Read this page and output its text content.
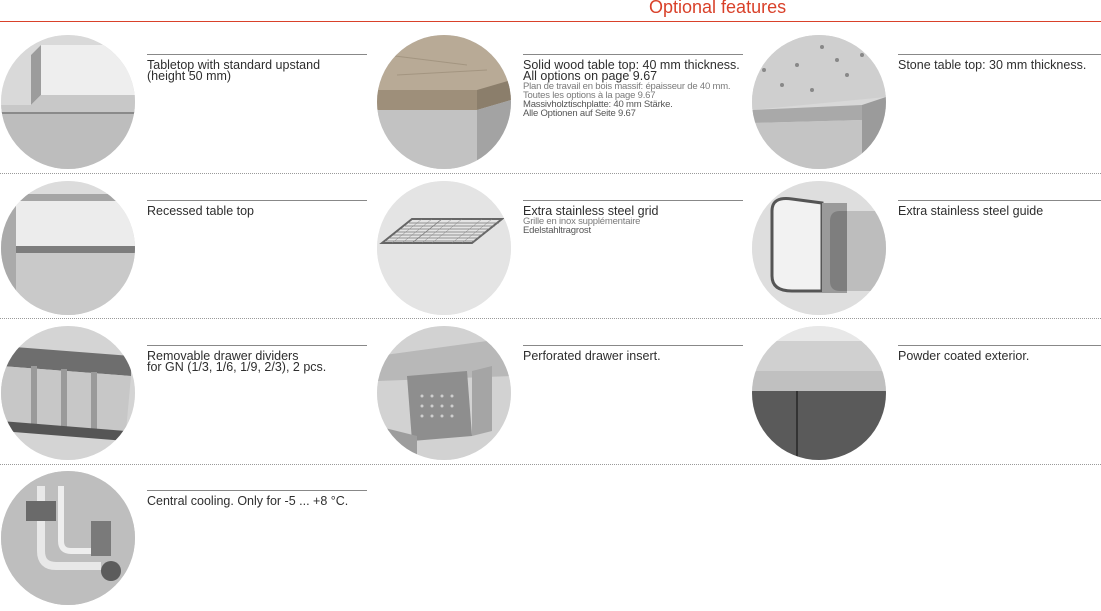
Optional features
Tabletop with standard upstand
(height 50 mm)
Solid wood table top: 40 mm thickness.
All options on page 9.67
Plan de travail en bois massif: épaisseur de 40 mm.
Toutes les options à la page 9.67
Massivholztischplatte: 40 mm Stärke.
Alle Optionen auf Seite 9.67
Stone table top: 30 mm thickness.
Recessed table top	Extra stainless steel grid
Grille en inox supplémentaire
Edelstahltragrost
Extra stainless steel guide
Removable drawer dividers
for GN (1/3, 1/6, 1/9, 2/3), 2 pcs.
Perforated drawer insert.	Powder coated exterior.
Central cooling. Only for -5 ... +8 °C.
